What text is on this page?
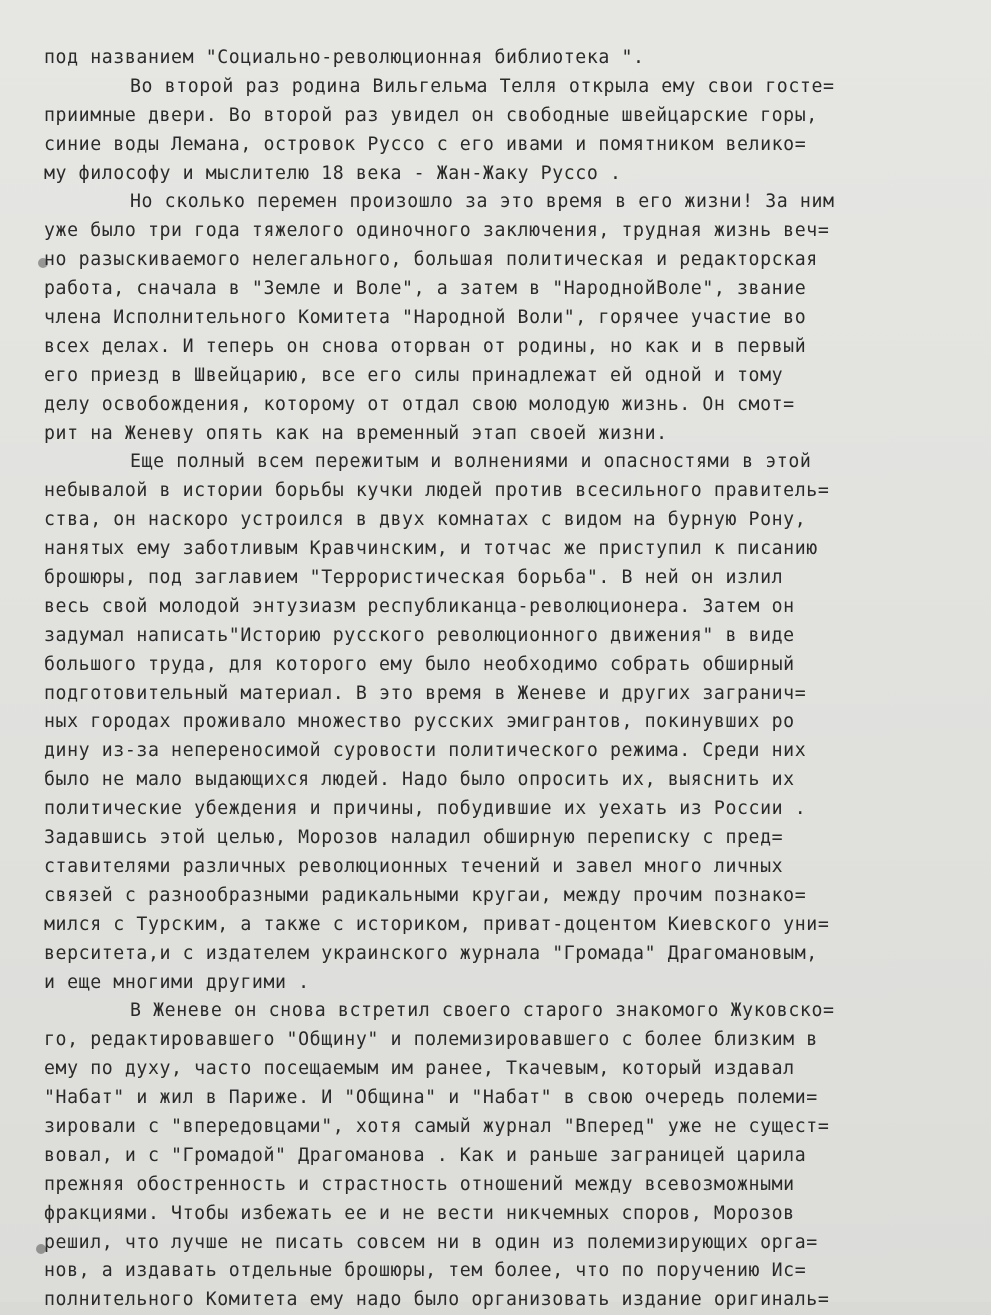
под названием "Социально-революционная библиотека ".
Во второй раз родина Вильгельма Телля открыла ему свои госте=
приимные двери. Во второй раз увидел он свободные швейцарские горы,
синие воды Лемана, островок Руссо с его ивами и помятником велико=
му философу и мыслителю 18 века - Жан-Жаку Руссо .
Но сколько перемен произошло за это время в его жизни! За ним
уже было три года тяжелого одиночного заключения, трудная жизнь веч=
но разыскиваемого нелегального, большая политическая и редакторская
работа, сначала в "Земле и Воле", а затем в "НароднойВоле", звание
члена Исполнительного Комитета "Народной Воли", горячее участие во
всех делах. И теперь он снова оторван от родины, но как и в первый
его приезд в Швейцарию, все его силы принадлежат ей одной и тому
делу освобождения, которому от отдал свою молодую жизнь. Он смот=
рит на Женеву опять как на временный этап своей жизни.
Еще полный всем пережитым и волнениями и опасностями в этой
небывалой в истории борьбы кучки людей против всесильного правитель=
ства, он наскоро устроился в двух комнатах с видом на бурную Рону,
нанятых ему заботливым Кравчинским, и тотчас же приступил к писанию
брошюры, под заглавием "Террористическая борьба". В ней он излил
весь свой молодой энтузиазм республиканца-революционера. Затем он
задумал написать"Историю русского революционного движения" в виде
большого труда, для которого ему было необходимо собрать обширный
подготовительный материал. В это время в Женеве и других загранич=
ных городах проживало множество русских эмигрантов, покинувших ро
дину из-за непереносимой суровости политического режима. Среди них
было не мало выдающихся людей. Надо было опросить их, выяснить их
политические убеждения и причины, побудившие их уехать из России .
Задавшись этой целью, Морозов наладил обширную переписку с пред=
ставителями различных революционных течений и завел много личных
связей с разнообразными радикальными кругаи, между прочим познако=
мился с Турским, а также с историком, приват-доцентом Киевского уни=
верситета,и с издателем украинского журнала "Громада" Драгомановым,
и еще многими другими .
В Женеве он снова встретил своего старого знакомого Жуковско=
го, редактировавшего "Общину" и полемизировавшего с более близким в
ему по духу, часто посещаемым им ранее, Ткачевым, который издавал
"Набат" и жил в Париже. И "Община" и "Набат" в свою очередь полеми=
зировали с "впередовцами", хотя самый журнал "Вперед" уже не сущест=
вовал, и с "Громадой" Драгоманова . Как и раньше заграницей царила
прежняя обостренность и страстность отношений между всевозможными
фракциями. Чтобы избежать ее и не вести никчемных споров, Морозов
решил, что лучше не писать совсем ни в один из полемизирующих орга=
нов, а издавать отдельные брошюры, тем более, что по поручению Ис=
полнительного Комитета ему надо было организовать издание оригиналь=
